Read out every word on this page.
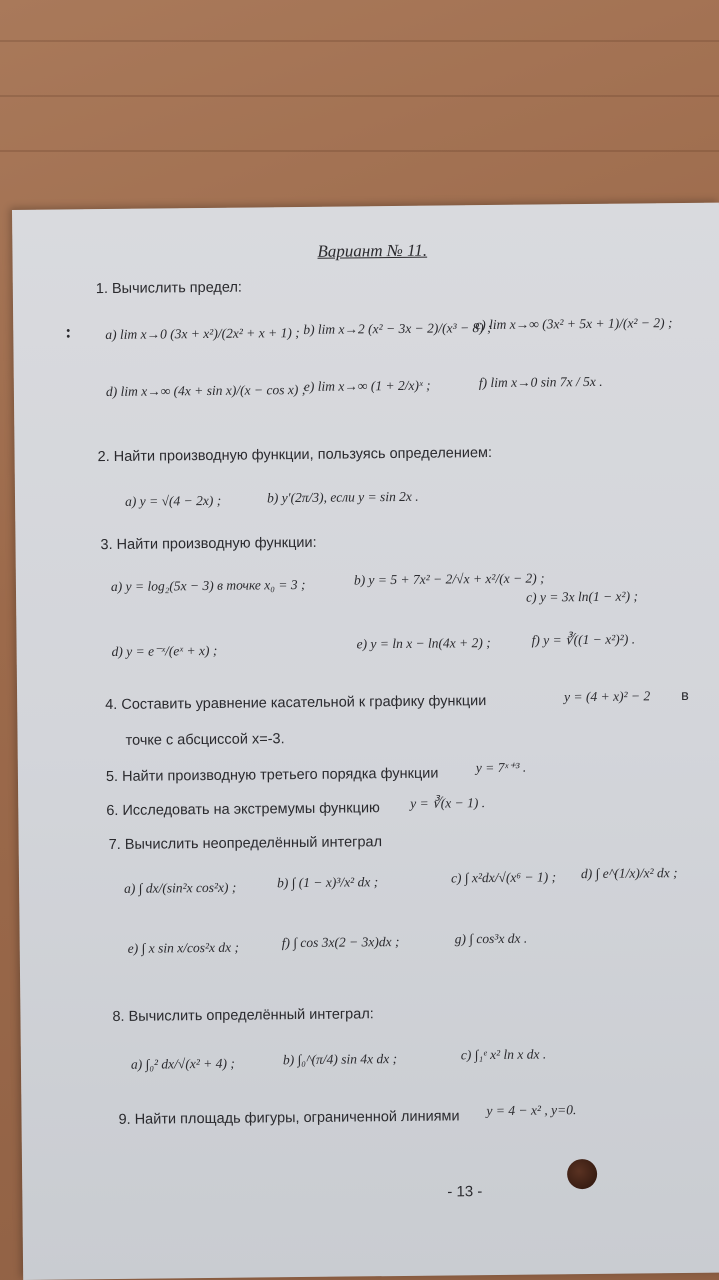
Вариант № 11.
1. Вычислить предел:
:	a) lim x→0 (3x + x²)/(2x² + x + 1) ; b) lim x→2 (x² − 3x − 2)/(x³ − 8) ;
c) lim x→∞ (3x² + 5x + 1)/(x² − 2) ;
d) lim x→∞ (4x + sin x)/(x − cos x) ;
e) lim x→∞ (1 + 2/x)ˣ ;	f) lim x→0 sin 7x / 5x .
2. Найти производную функции, пользуясь определением:
a) y = √(4 − 2x) ;	b) y′(2π/3), если y = sin 2x .
3. Найти производную функции:
a) y = log₂(5x − 3) в точке x₀ = 3 ;	b) y = 5 + 7x² − 2/√x + x²/(x − 2) ;
c) y = 3x ln(1 − x²) ;
d) y = e⁻ˣ/(eˣ + x) ;	e) y = ln x − ln(4x + 2) ;	f) y = ∛((1 − x²)²) .
4. Составить уравнение касательной к графику функции	y = (4 + x)² − 2 в
точке с абсциссой x=-3.
5. Найти производную третьего порядка функции	y = 7ˣ⁺³ .
6. Исследовать на экстремумы функцию y = ∛(x − 1) .
7. Вычислить неопределённый интеграл
a) ∫ dx/(sin²x cos²x) ;	b) ∫ (1 − x)³/x² dx ;	c) ∫ x²dx/√(x⁶ − 1) ; d) ∫ e^(1/x)/x² dx ;
e) ∫ x sin x/cos²x dx ;	f) ∫ cos 3x(2 − 3x)dx ;	g) ∫ cos³x dx .
8. Вычислить определённый интеграл:
a) ∫₀² dx/√(x² + 4) ;	b) ∫₀^(π/4) sin 4x dx ;	c) ∫₁ᵉ x² ln x dx .
9. Найти площадь фигуры, ограниченной линиями y = 4 − x² , y=0.
- 13 -
